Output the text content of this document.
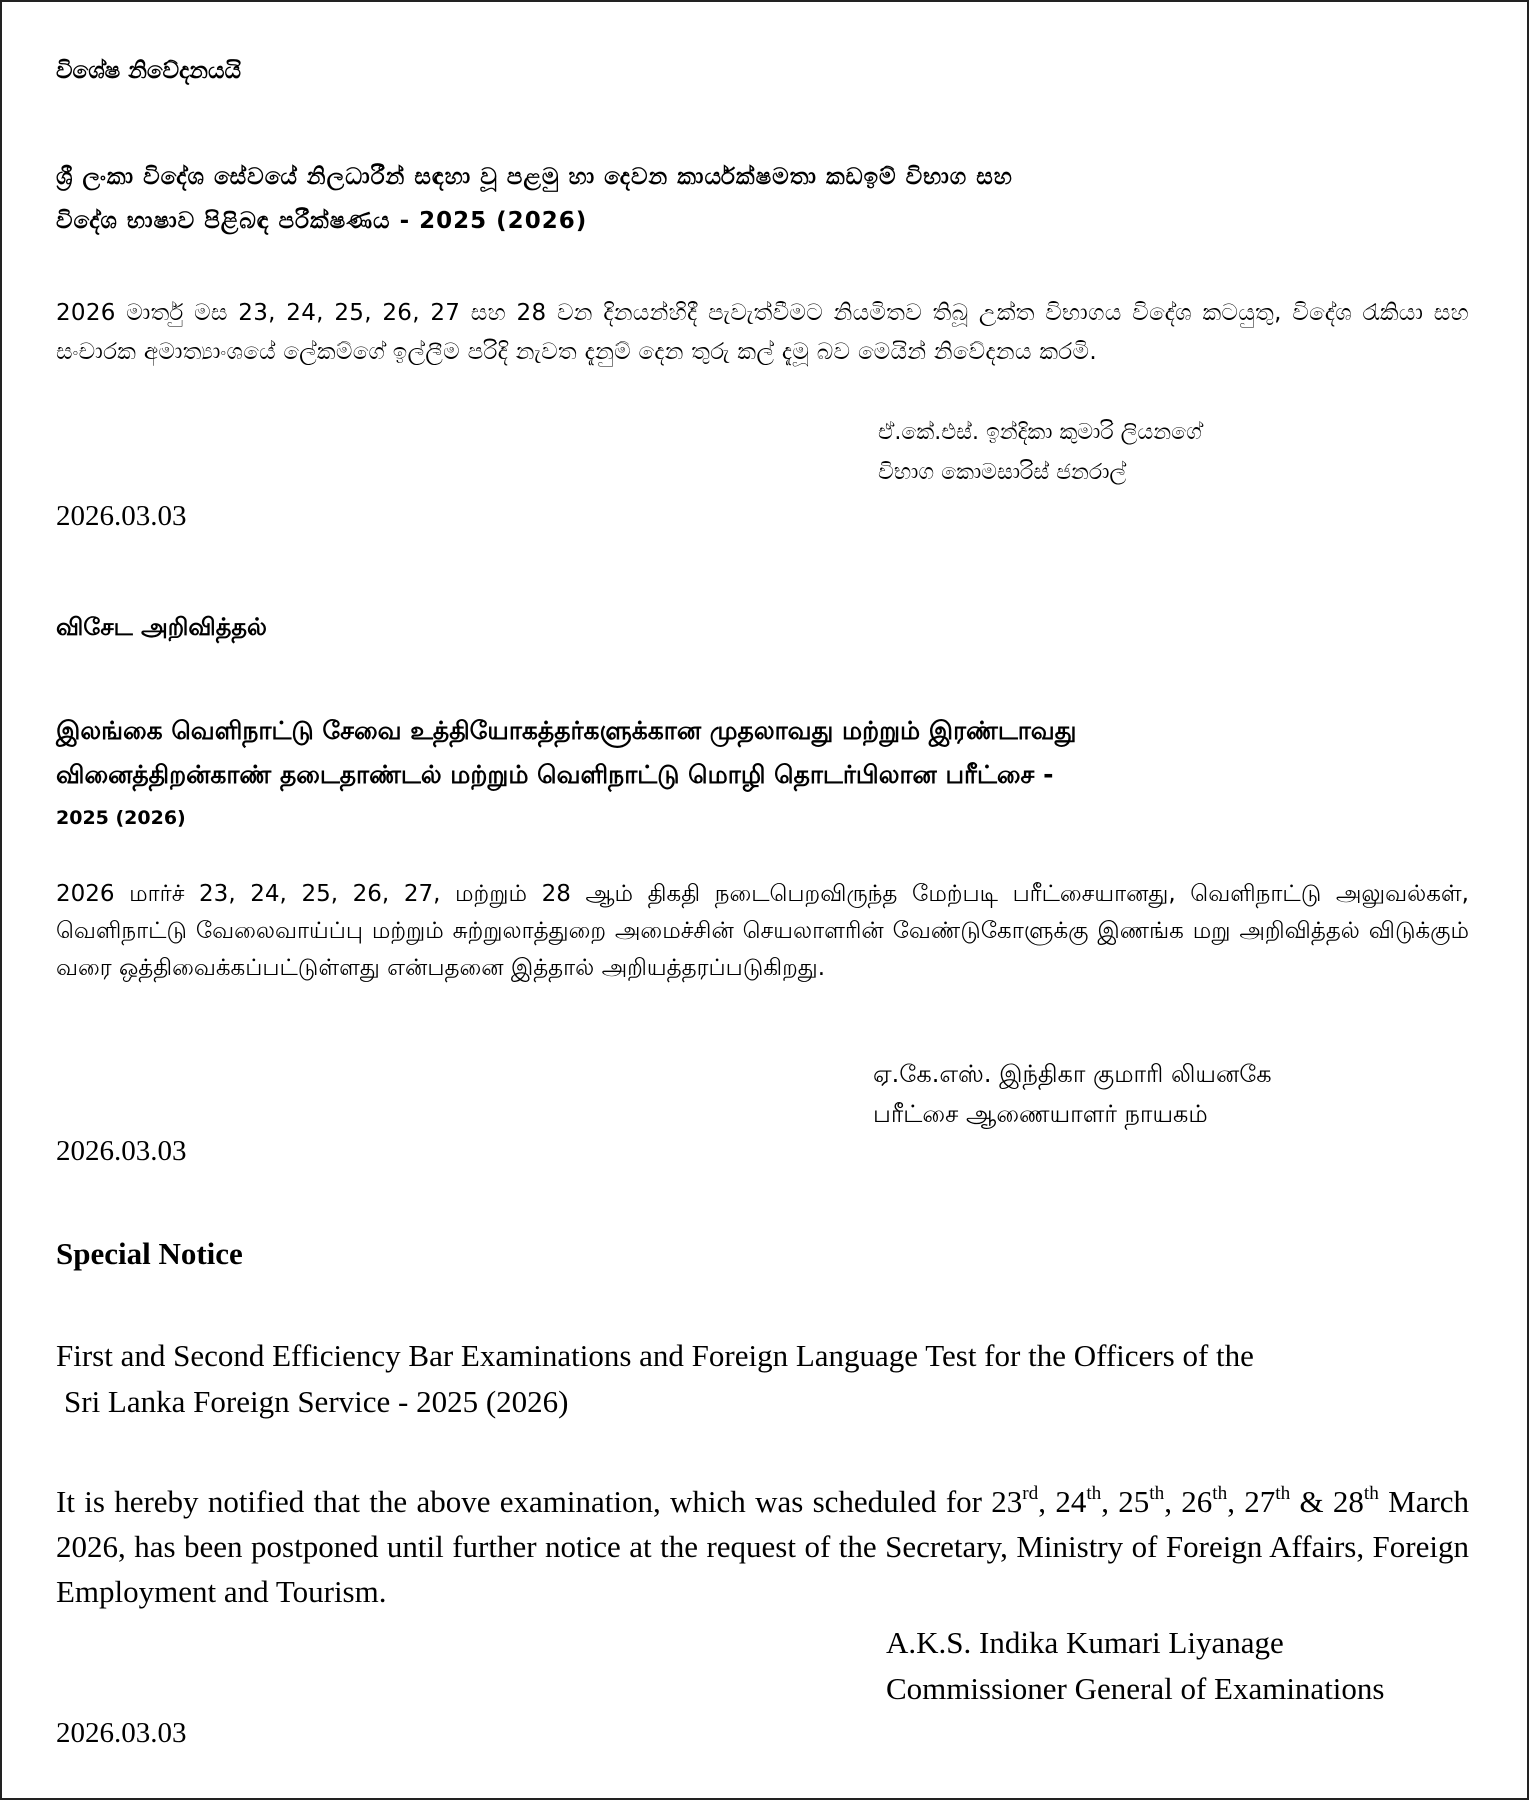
විශේෂ නිවේදනයයි
ශ්‍රී ලංකා විදේශ සේවයේ නිලධාරීන් සඳහා වූ පළමු හා දෙවන කාර්යක්ෂමතා කඩඉම් විභාග සහ
විදේශ භාෂාව පිළිබඳ පරීක්ෂණය - 2025 (2026)
2026 මාර්තු මස 23, 24, 25, 26, 27 සහ 28 වන දිනයන්හිදී පැවැත්වීමට නියමිතව තිබූ උක්ත විභාගය විදේශ කටයුතු, විදේශ රැකියා සහ සංචාරක අමාත්‍යාංශයේ ලේකම්ගේ ඉල්ලීම පරිදි නැවත දැනුම් දෙන තුරු කල් දැමූ බව මෙයින් නිවේදනය කරමි.
ඒ.කේ.එස්. ඉන්දිකා කුමාරි ලියනගේ
විභාග කොමසාරිස් ජනරාල්
2026.03.03
விசேட அறிவித்தல்
இலங்கை வெளிநாட்டு சேவை உத்தியோகத்தர்களுக்கான முதலாவது மற்றும் இரண்டாவது
வினைத்திறன்காண் தடைதாண்டல் மற்றும் வெளிநாட்டு மொழி தொடர்பிலான பரீட்சை -
2025 (2026)
2026 மார்ச் 23, 24, 25, 26, 27, மற்றும் 28 ஆம் திகதி நடைபெறவிருந்த மேற்படி பரீட்சையானது, வெளிநாட்டு அலுவல்கள், வெளிநாட்டு வேலைவாய்ப்பு மற்றும் சுற்றுலாத்துறை அமைச்சின் செயலாளரின் வேண்டுகோளுக்கு இணங்க மறு அறிவித்தல் விடுக்கும் வரை ஒத்திவைக்கப்பட்டுள்ளது என்பதனை இத்தால் அறியத்தரப்படுகிறது.
ஏ.கே.எஸ். இந்திகா குமாரி லியனகே
பரீட்சை ஆணையாளர் நாயகம்
2026.03.03
Special Notice
First and Second Efficiency Bar Examinations and Foreign Language Test for the Officers of the
Sri Lanka Foreign Service - 2025 (2026)

It is hereby notified that the above examination, which was scheduled for 23rd, 24th, 25th, 26th, 27th & 28th March 2026, has been postponed until further notice at the request of the Secretary, Ministry of Foreign Affairs, Foreign Employment and Tourism.

A.K.S. Indika Kumari Liyanage
Commissioner General of Examinations
2026.03.03
